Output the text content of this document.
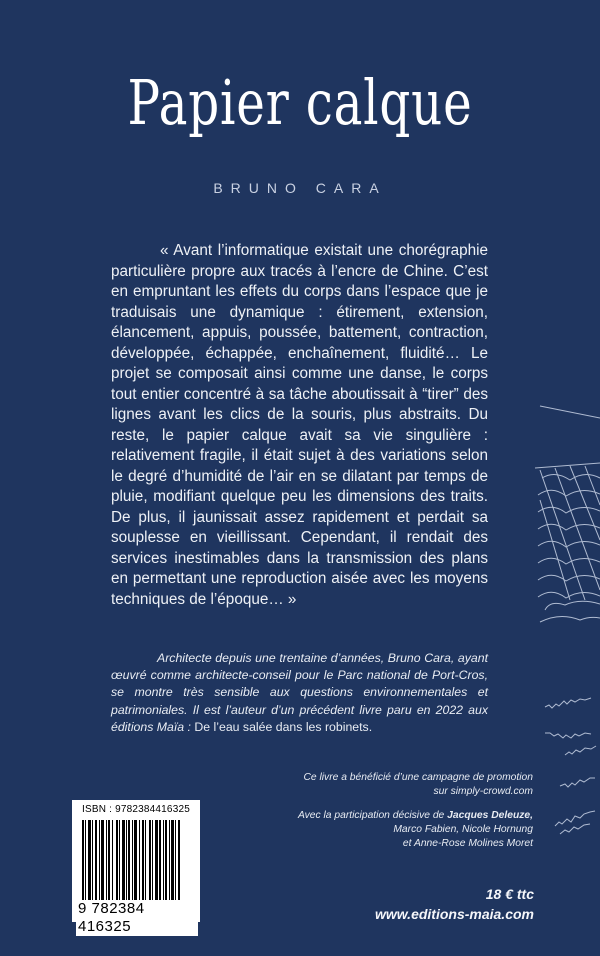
Papier calque
BRUNO CARA
« Avant l’informatique existait une chorégraphie particulière propre aux tracés à l’encre de Chine. C’est en empruntant les effets du corps dans l’espace que je traduisais une dynamique : étirement, extension, élancement, appuis, poussée, battement, contraction, développée, échappée, enchaînement, fluidité… Le projet se composait ainsi comme une danse, le corps tout entier concentré à sa tâche aboutissait à “tirer” des lignes avant les clics de la souris, plus abstraits. Du reste, le papier calque avait sa vie singulière : relativement fragile, il était sujet à des variations selon le degré d’humidité de l’air en se dilatant par temps de pluie, modifiant quelque peu les dimensions des traits. De plus, il jaunissait assez rapidement et perdait sa souplesse en vieillissant. Cependant, il rendait des services inestimables dans la transmission des plans en permettant une reproduction aisée avec les moyens techniques de l’époque… »
Architecte depuis une trentaine d’années, Bruno Cara, ayant œuvré comme architecte-conseil pour le Parc national de Port-Cros, se montre très sensible aux questions environnementales et patrimoniales. Il est l’auteur d’un précédent livre paru en 2022 aux éditions Maïa : De l’eau salée dans les robinets.
Ce livre a bénéficié d’une campagne de promotion
sur simply-crowd.com
Avec la participation décisive de Jacques Deleuze,
Marco Fabien, Nicole Hornung
et Anne-Rose Molines Moret
18 € ttc
www.editions-maia.com
ISBN : 9782384416325
9 782384 416325
